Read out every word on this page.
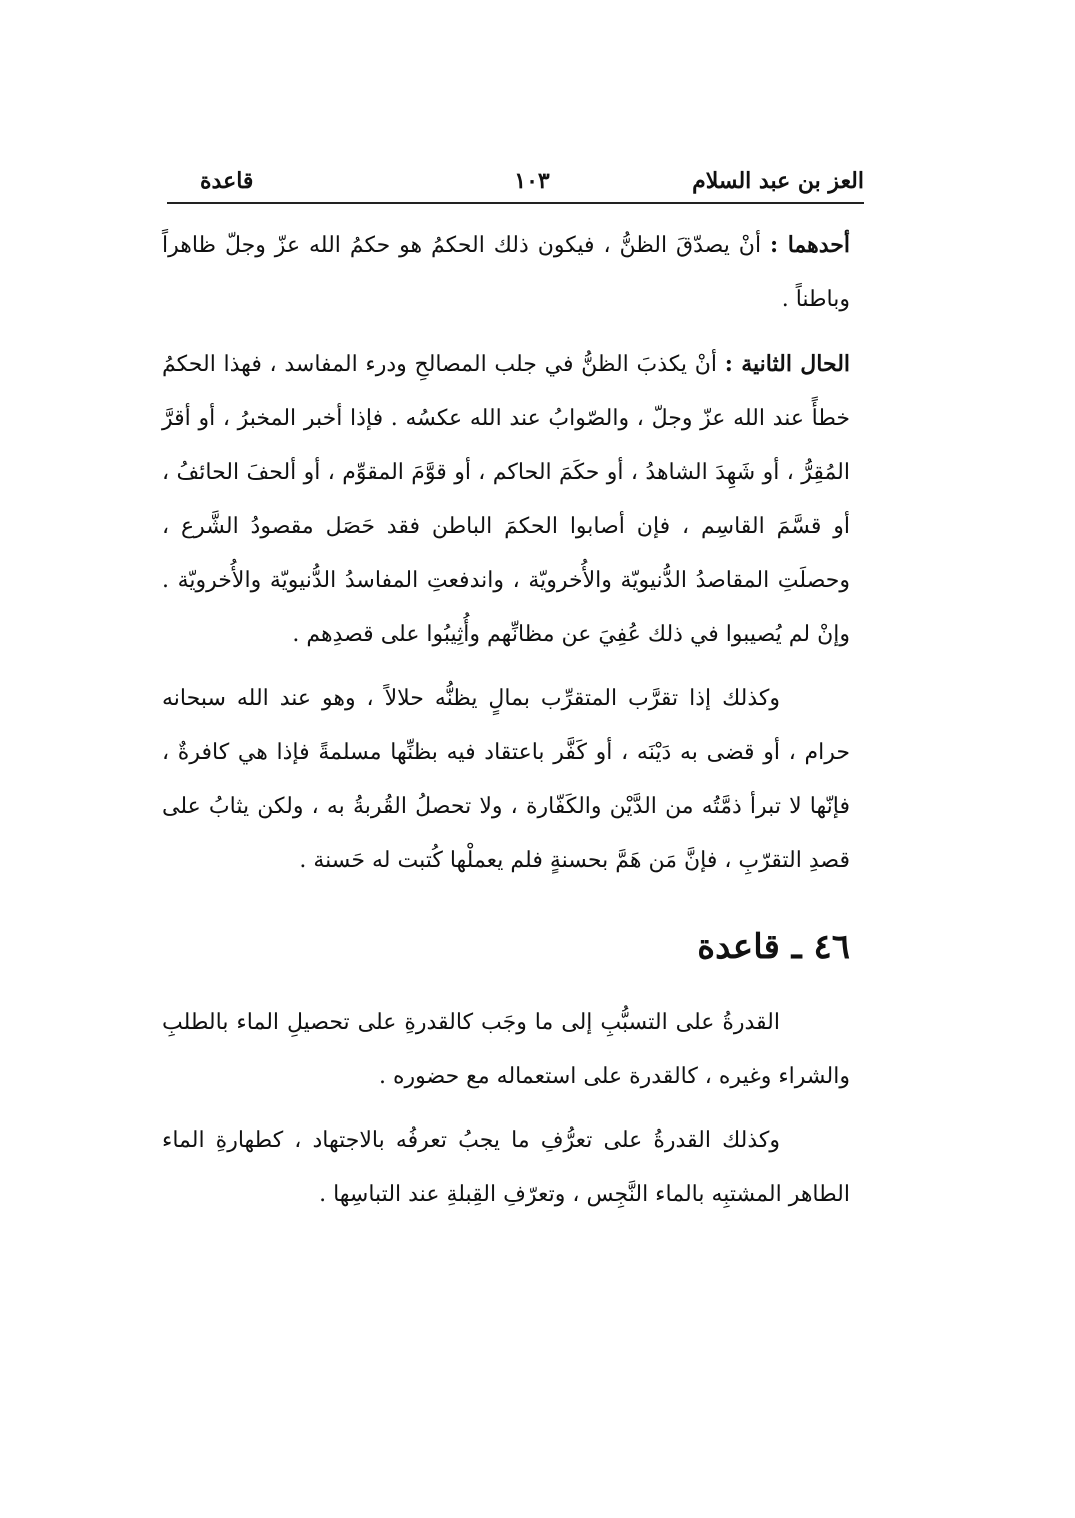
العز بن عبد السلام
١٠٣
قاعدة

أحدهما : أنْ يصدّقَ الظنُّ ، فيكون ذلك الحكمُ هو حكمُ الله عزّ وجلّ ظاهراً وباطناً .

الحال الثانية : أنْ يكذبَ الظنُّ في جلب المصالحِ ودرء المفاسد ، فهذا الحكمُ خطأً عند الله عزّ وجلّ ، والصّوابُ عند الله عكسُه . فإذا أخبر المخبرُ ، أو أقرَّ المُقِرُّ ، أو شَهِدَ الشاهدُ ، أو حكَمَ الحاكم ، أو قوَّمَ المقوِّم ، أو ألحفَ الحائفُ ، أو قسَّمَ القاسِم ، فإن أصابوا الحكمَ الباطن فقد حَصَل مقصودُ الشَّرع ، وحصلَتِ المقاصدُ الدُّنيويّة والأُخرويّة ، واندفعتِ المفاسدُ الدُّنيويّة والأُخرويّة . وإنْ لم يُصيبوا في ذلك عُفِيَ عن مظانِّهم وأُثِيبُوا على قصدِهم .

وكذلك إذا تقرَّب المتقرِّب بمالٍ يظنُّه حلالاً ، وهو عند الله سبحانه حرام ، أو قضى به دَيْنَه ، أو كَفَّر باعتقاد فيه بظنِّها مسلمةً فإذا هي كافرةٌ ، فإنّها لا تبرأ ذمَّتُه من الدَّيْن والكَفّارة ، ولا تحصلُ القُربةُ به ، ولكن يثابُ على قصدِ التقرّبِ ، فإنَّ مَن هَمَّ بحسنةٍ فلم يعملْها كُتبت له حَسنة .

٤٦ ـ قاعدة

القدرةُ على التسبُّبِ إلى ما وجَب كالقدرةِ على تحصيلِ الماء بالطلبِ والشراء وغيره ، كالقدرة على استعماله مع حضوره .

وكذلك القدرةُ على تعرُّفِ ما يجبُ تعرفُه بالاجتهاد ، كطهارةِ الماء الطاهر المشتبِه بالماء النَّجِس ، وتعرّفِ القِبلةِ عند التباسِها .
